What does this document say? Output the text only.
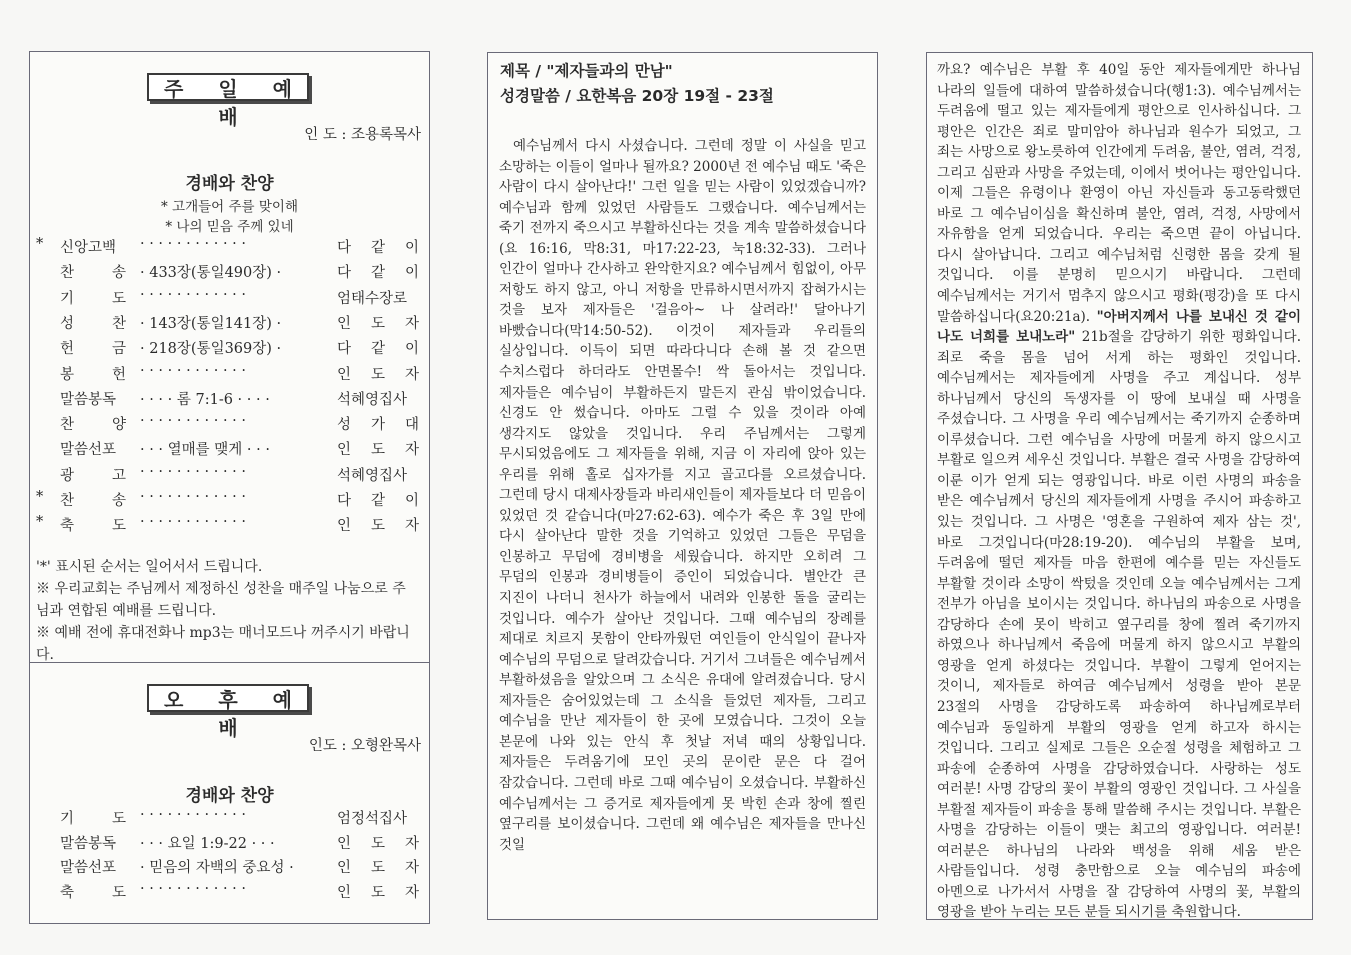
주 일 예 배
인 도 : 조용록목사
경배와 찬양
* 고개들어 주를 맞이해
* 나의 믿음 주께 있네
* 신앙고백	· · · · · · · · · · · ·	다 같 이
찬 송 · 433장(통일490장) ·	다 같 이
기 도 · · · · · · · · · · · ·	엄태수장로
성 찬 · 143장(통일141장) ·	인 도 자
헌 금 · 218장(통일369장) ·	다 같 이
봉 헌 · · · · · · · · · · · ·	인 도 자
말씀봉독	· · · · 롬 7:1-6 · · · ·	석혜영집사
찬 양 · · · · · · · · · · · ·	성 가 대
말씀선포	· · · 열매를 맺게 · · ·	인 도 자
광 고 · · · · · · · · · · · ·	석혜영집사
* 찬 송 · · · · · · · · · · · ·	다 같 이
* 축 도 · · · · · · · · · · · ·	인 도 자
'*' 표시된 순서는 일어서서 드립니다.
※ 우리교회는 주님께서 제정하신 성찬을 매주일 나눔으로 주님과 연합된 예배를 드립니다.
※ 예배 전에 휴대전화나 mp3는 매너모드나 꺼주시기 바랍니다.
오 후 예 배
인도 : 오형완목사
경배와 찬양
기 도 · · · · · · · · · · · ·	엄정석집사
말씀봉독	· · · 요일 1:9-22 · · ·	인 도 자
말씀선포	· 믿음의 자백의 중요성 ·	인 도 자
축 도 · · · · · · · · · · · ·	인 도 자
제목 / "제자들과의 만남"
성경말씀 / 요한복음 20장 19절 - 23절
예수님께서 다시 사셨습니다. 그런데 정말 이 사실을 믿고 소망하는 이들이 얼마나 될까요? 2000년 전 예수님 때도 '죽은 사람이 다시 살아난다!' 그런 일을 믿는 사람이 있었겠습니까? 예수님과 함께 있었던 사람들도 그랬습니다. 예수님께서는 죽기 전까지 죽으시고 부활하신다는 것을 계속 말씀하셨습니다(요 16:16, 막8:31, 마17:22-23, 눅18:32-33). 그러나 인간이 얼마나 간사하고 완악한지요? 예수님께서 힘없이, 아무 저항도 하지 않고, 아니 저항을 만류하시면서까지 잡혀가시는 것을 보자 제자들은 '걸음아~ 나 살려라!' 달아나기 바빴습니다(막14:50-52). 이것이 제자들과 우리들의 실상입니다. 이득이 되면 따라다니다 손해 볼 것 같으면 수치스럽다 하더라도 안면몰수! 싹 돌아서는 것입니다. 제자들은 예수님이 부활하든지 말든지 관심 밖이었습니다. 신경도 안 썼습니다. 아마도 그럴 수 있을 것이라 아예 생각지도 않았을 것입니다. 우리 주님께서는 그렇게 무시되었음에도 그 제자들을 위해, 지금 이 자리에 앉아 있는 우리를 위해 홀로 십자가를 지고 골고다를 오르셨습니다. 그런데 당시 대제사장들과 바리새인들이 제자들보다 더 믿음이 있었던 것 같습니다(마27:62-63). 예수가 죽은 후 3일 만에 다시 살아난다 말한 것을 기억하고 있었던 그들은 무덤을 인봉하고 무덤에 경비병을 세웠습니다. 하지만 오히려 그 무덤의 인봉과 경비병들이 증인이 되었습니다. 별안간 큰 지진이 나더니 천사가 하늘에서 내려와 인봉한 돌을 굴리는 것입니다. 예수가 살아난 것입니다. 그때 예수님의 장례를 제대로 치르지 못함이 안타까웠던 여인들이 안식일이 끝나자 예수님의 무덤으로 달려갔습니다. 거기서 그녀들은 예수님께서 부활하셨음을 알았으며 그 소식은 유대에 알려졌습니다. 당시 제자들은 숨어있었는데 그 소식을 들었던 제자들, 그리고 예수님을 만난 제자들이 한 곳에 모였습니다. 그것이 오늘 본문에 나와 있는 안식 후 첫날 저녁 때의 상황입니다. 제자들은 두려움기에 모인 곳의 문이란 문은 다 걸어 잠갔습니다. 그런데 바로 그때 예수님이 오셨습니다. 부활하신 예수님께서는 그 증거로 제자들에게 못 박힌 손과 창에 찔린 옆구리를 보이셨습니다. 그런데 왜 예수님은 제자들을 만나신 것일
까요? 예수님은 부활 후 40일 동안 제자들에게만 하나님 나라의 일들에 대하여 말씀하셨습니다(행1:3). 예수님께서는 두려움에 떨고 있는 제자들에게 평안으로 인사하십니다. 그 평안은 인간은 죄로 말미암아 하나님과 원수가 되었고, 그 죄는 사망으로 왕노릇하여 인간에게 두려움, 불안, 염려, 걱정, 그리고 심판과 사망을 주었는데, 이에서 벗어나는 평안입니다. 이제 그들은 유령이나 환영이 아닌 자신들과 동고동락했던 바로 그 예수님이심을 확신하며 불안, 염려, 걱정, 사망에서 자유함을 얻게 되었습니다. 우리는 죽으면 끝이 아닙니다. 다시 살아납니다. 그리고 예수님처럼 신령한 몸을 갖게 될 것입니다. 이를 분명히 믿으시기 바랍니다. 그런데 예수님께서는 거기서 멈추지 않으시고 평화(평강)을 또 다시 말씀하십니다(요20:21a). "아버지께서 나를 보내신 것 같이 나도 너희를 보내노라" 21b절을 감당하기 위한 평화입니다. 죄로 죽을 몸을 넘어 서게 하는 평화인 것입니다. 예수님께서는 제자들에게 사명을 주고 계십니다. 성부 하나님께서 당신의 독생자를 이 땅에 보내실 때 사명을 주셨습니다. 그 사명을 우리 예수님께서는 죽기까지 순종하며 이루셨습니다. 그런 예수님을 사망에 머물게 하지 않으시고 부활로 일으켜 세우신 것입니다. 부활은 결국 사명을 감당하여 이룬 이가 얻게 되는 영광입니다. 바로 이런 사명의 파송을 받은 예수님께서 당신의 제자들에게 사명을 주시어 파송하고 있는 것입니다. 그 사명은 '영혼을 구원하여 제자 삼는 것', 바로 그것입니다(마28:19-20). 예수님의 부활을 보며, 두려움에 떨던 제자들 마음 한편에 예수를 믿는 자신들도 부활할 것이라 소망이 싹텄을 것인데 오늘 예수님께서는 그게 전부가 아님을 보이시는 것입니다. 하나님의 파송으로 사명을 감당하다 손에 못이 박히고 옆구리를 창에 찔려 죽기까지 하였으나 하나님께서 죽음에 머물게 하지 않으시고 부활의 영광을 얻게 하셨다는 것입니다. 부활이 그렇게 얻어지는 것이니, 제자들로 하여금 예수님께서 성령을 받아 본문 23절의 사명을 감당하도록 파송하여 하나님께로부터 예수님과 동일하게 부활의 영광을 얻게 하고자 하시는 것입니다. 그리고 실제로 그들은 오순절 성령을 체험하고 그 파송에 순종하여 사명을 감당하였습니다. 사랑하는 성도 여러분! 사명 감당의 꽃이 부활의 영광인 것입니다. 그 사실을 부활절 제자들이 파송을 통해 말씀해 주시는 것입니다. 부활은 사명을 감당하는 이들이 맺는 최고의 영광입니다. 여러분! 여러분은 하나님의 나라와 백성을 위해 세움 받은 사람들입니다. 성령 충만함으로 오늘 예수님의 파송에 아멘으로 나가서서 사명을 잘 감당하여 사명의 꽃, 부활의 영광을 받아 누리는 모든 분들 되시기를 축원합니다.
